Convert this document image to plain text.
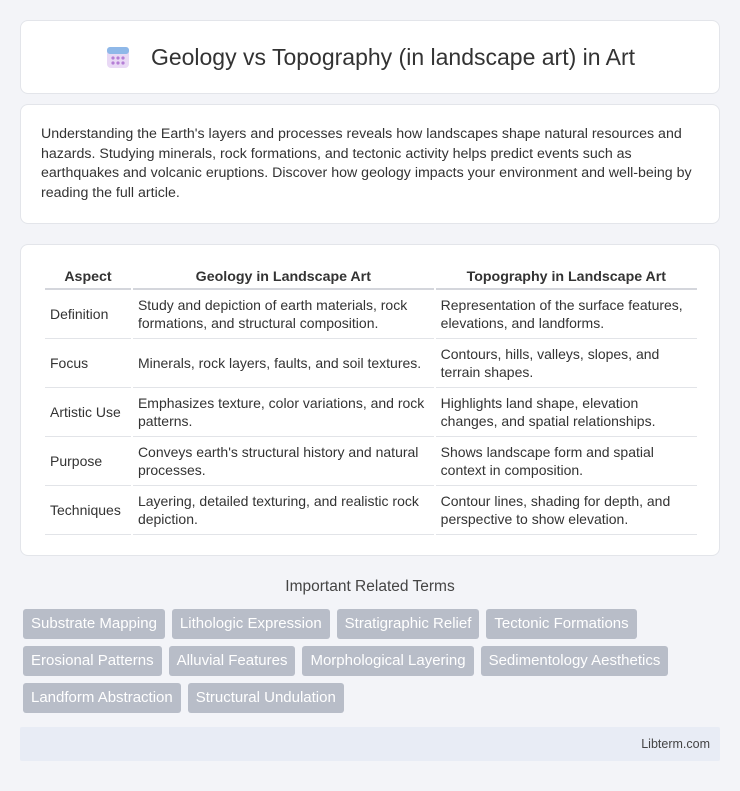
Geology vs Topography (in landscape art) in Art

Understanding the Earth's layers and processes reveals how landscapes shape natural resources and hazards. Studying minerals, rock formations, and tectonic activity helps predict events such as earthquakes and volcanic eruptions. Discover how geology impacts your environment and well-being by reading the full article.

Aspect	Geology in Landscape Art	Topography in Landscape Art
Definition	Study and depiction of earth materials, rock formations, and structural composition.	Representation of the surface features, elevations, and landforms.
Focus	Minerals, rock layers, faults, and soil textures.	Contours, hills, valleys, slopes, and terrain shapes.
Artistic Use	Emphasizes texture, color variations, and rock patterns.	Highlights land shape, elevation changes, and spatial relationships.
Purpose	Conveys earth's structural history and natural processes.	Shows landscape form and spatial context in composition.
Techniques	Layering, detailed texturing, and realistic rock depiction.	Contour lines, shading for depth, and perspective to show elevation.
Important Related Terms
Substrate Mapping	Lithologic Expression	Stratigraphic Relief	Tectonic Formations
Erosional Patterns	Alluvial Features	Morphological Layering	Sedimentology Aesthetics
Landform Abstraction	Structural Undulation
Libterm.com
